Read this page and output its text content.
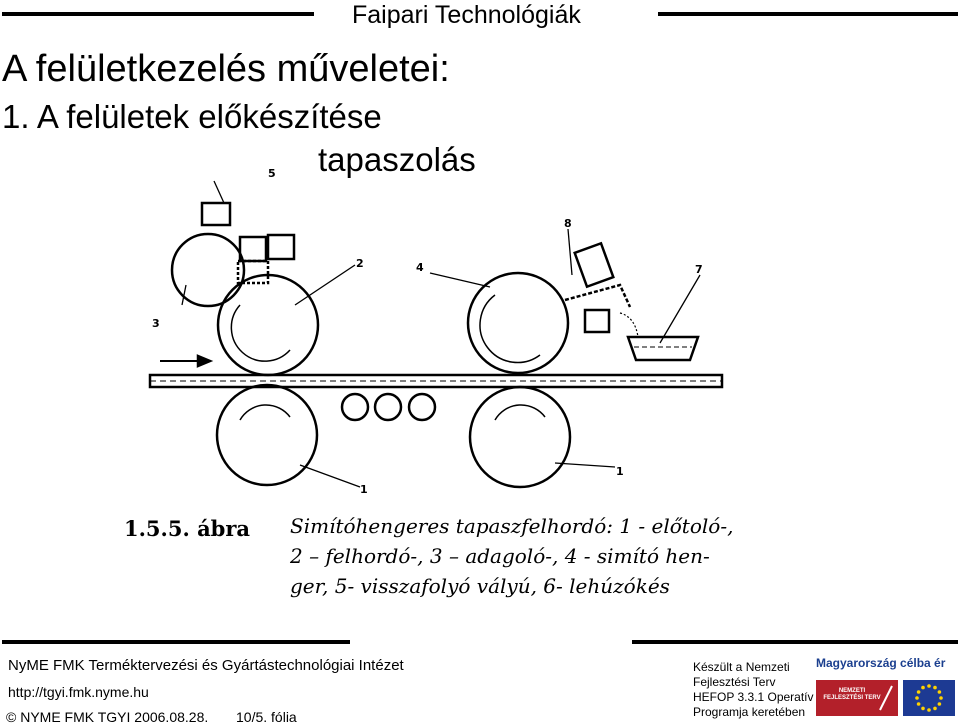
Faipari Technológiák
A felületkezelés műveletei:
1. A felületek előkészítése
tapaszolás
5
2
3
4	7
8
1
1
1.5.5. ábra Simítóhengeres tapaszfelhordó: 1 - előtoló-,
2 – felhordó-, 3 – adagoló-, 4 - simító hen-
ger, 5- visszafolyó vályú, 6- lehúzókés
NyME FMK Terméktervezési és Gyártástechnológiai Intézet
http://tgyi.fmk.nyme.hu
© NYME FMK TGYI 2006.08.28. 10/5. fólia
Készült a Nemzeti
Fejlesztési Terv
HEFOP 3.3.1 Operatív
Programja keretében
Magyarország célba ér
NEMZETI FEJLESZTÉSI TERV
